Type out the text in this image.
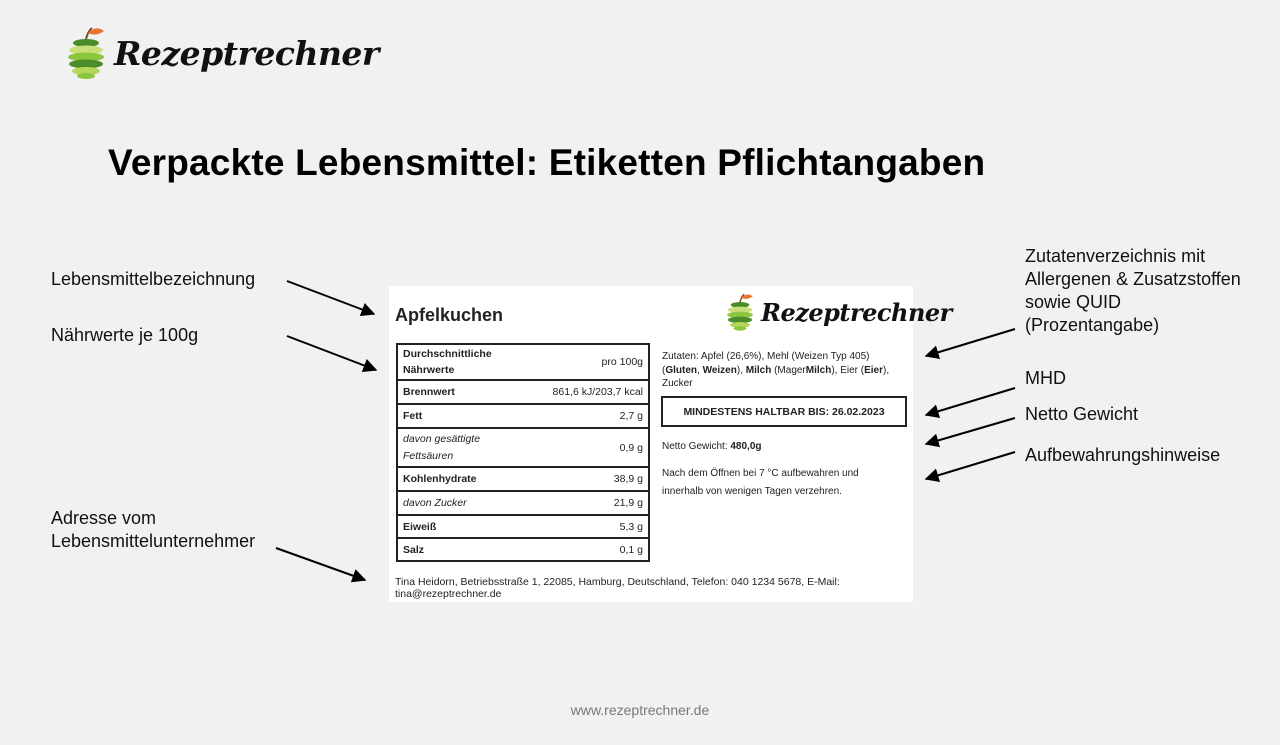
Rezeptrechner
Verpackte Lebensmittel: Etiketten Pflichtangaben
Lebensmittelbezeichnung
Nährwerte je 100g
Adresse vom
Lebensmittelunternehmer
Zutatenverzeichnis mit
Allergenen & Zusatzstoffen
sowie QUID
(Prozentangabe)
MHD
Netto Gewicht
Aufbewahrungshinweise
Apfelkuchen	Rezeptrechner
Durchschnittliche
Nährwerte	pro 100g
Brennwert	861,6 kJ/203,7 kcal
Fett	2,7 g

davon gesättigte
Fettsäuren	0,9 g
Kohlenhydrate	38,9 g
davon Zucker	21,9 g
Eiweiß	5,3 g
Salz	0,1 g
Zutaten: Apfel (26,6%), Mehl (Weizen Typ 405) (Gluten, Weizen), Milch (MagerMilch), Eier (Eier), Zucker
MINDESTENS HALTBAR BIS: 26.02.2023
Netto Gewicht: 480,0g
Nach dem Öffnen bei 7 °C aufbewahren und innerhalb von wenigen Tagen verzehren.
Tina Heidorn, Betriebsstraße 1, 22085, Hamburg, Deutschland, Telefon: 040 1234 5678, E-Mail: tina@rezeptrechner.de
www.rezeptrechner.de
